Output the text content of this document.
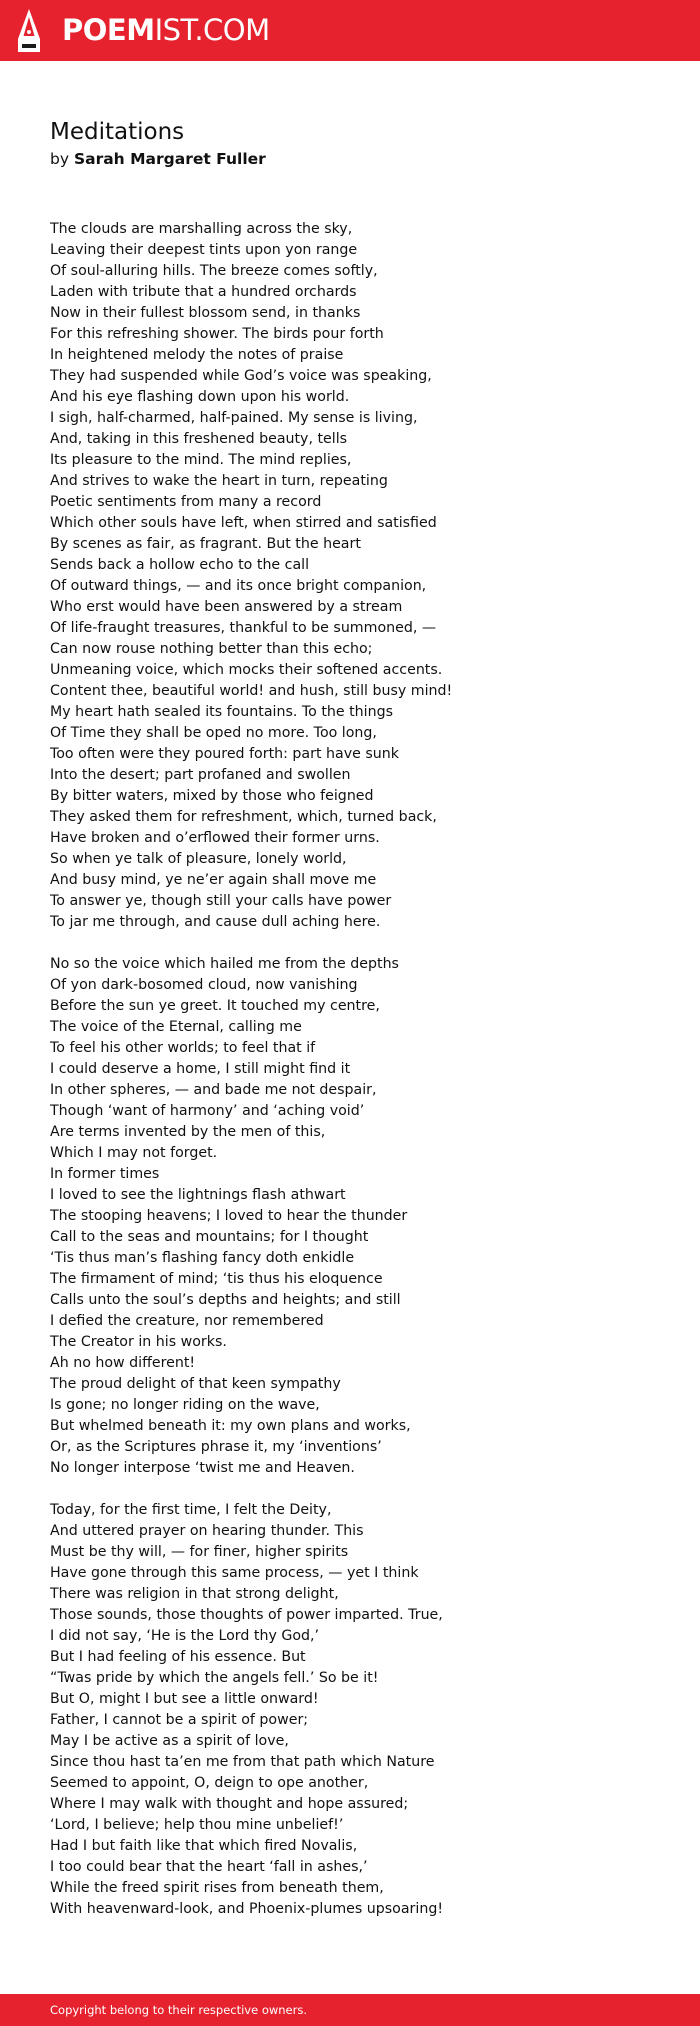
POEMIST.COM
Meditations

by Sarah Margaret Fuller

The clouds are marshalling across the sky,
Leaving their deepest tints upon yon range
Of soul-alluring hills. The breeze comes softly,
Laden with tribute that a hundred orchards
Now in their fullest blossom send, in thanks
For this refreshing shower. The birds pour forth
In heightened melody the notes of praise
They had suspended while God’s voice was speaking,
And his eye flashing down upon his world.
I sigh, half-charmed, half-pained. My sense is living,
And, taking in this freshened beauty, tells
Its pleasure to the mind. The mind replies,
And strives to wake the heart in turn, repeating
Poetic sentiments from many a record
Which other souls have left, when stirred and satisfied
By scenes as fair, as fragrant. But the heart
Sends back a hollow echo to the call
Of outward things, — and its once bright companion,
Who erst would have been answered by a stream
Of life-fraught treasures, thankful to be summoned, —
Can now rouse nothing better than this echo;
Unmeaning voice, which mocks their softened accents.
Content thee, beautiful world! and hush, still busy mind!
My heart hath sealed its fountains. To the things
Of Time they shall be oped no more. Too long,
Too often were they poured forth: part have sunk
Into the desert; part profaned and swollen
By bitter waters, mixed by those who feigned
They asked them for refreshment, which, turned back,
Have broken and o’erflowed their former urns.
So when ye talk of pleasure, lonely world,
And busy mind, ye ne’er again shall move me
To answer ye, though still your calls have power
To jar me through, and cause dull aching here.
No so the voice which hailed me from the depths
Of yon dark-bosomed cloud, now vanishing
Before the sun ye greet. It touched my centre,
The voice of the Eternal, calling me
To feel his other worlds; to feel that if
I could deserve a home, I still might find it
In other spheres, — and bade me not despair,
Though ‘want of harmony’ and ‘aching void’
Are terms invented by the men of this,
Which I may not forget.
In former times
I loved to see the lightnings flash athwart
The stooping heavens; I loved to hear the thunder
Call to the seas and mountains; for I thought
‘Tis thus man’s flashing fancy doth enkidle
The firmament of mind; ‘tis thus his eloquence
Calls unto the soul’s depths and heights; and still
I defied the creature, nor remembered
The Creator in his works.
Ah no how different!
The proud delight of that keen sympathy
Is gone; no longer riding on the wave,
But whelmed beneath it: my own plans and works,
Or, as the Scriptures phrase it, my ‘inventions’
No longer interpose ‘twist me and Heaven.
Today, for the first time, I felt the Deity,
And uttered prayer on hearing thunder. This
Must be thy will, — for finer, higher spirits
Have gone through this same process, — yet I think
There was religion in that strong delight,
Those sounds, those thoughts of power imparted. True,
I did not say, ‘He is the Lord thy God,’
But I had feeling of his essence. But
“Twas pride by which the angels fell.’ So be it!
But O, might I but see a little onward!
Father, I cannot be a spirit of power;
May I be active as a spirit of love,
Since thou hast ta’en me from that path which Nature
Seemed to appoint, O, deign to ope another,
Where I may walk with thought and hope assured;
‘Lord, I believe; help thou mine unbelief!’
Had I but faith like that which fired Novalis,
I too could bear that the heart ‘fall in ashes,’
While the freed spirit rises from beneath them,
With heavenward-look, and Phoenix-plumes upsoaring!
Copyright belong to their respective owners.
